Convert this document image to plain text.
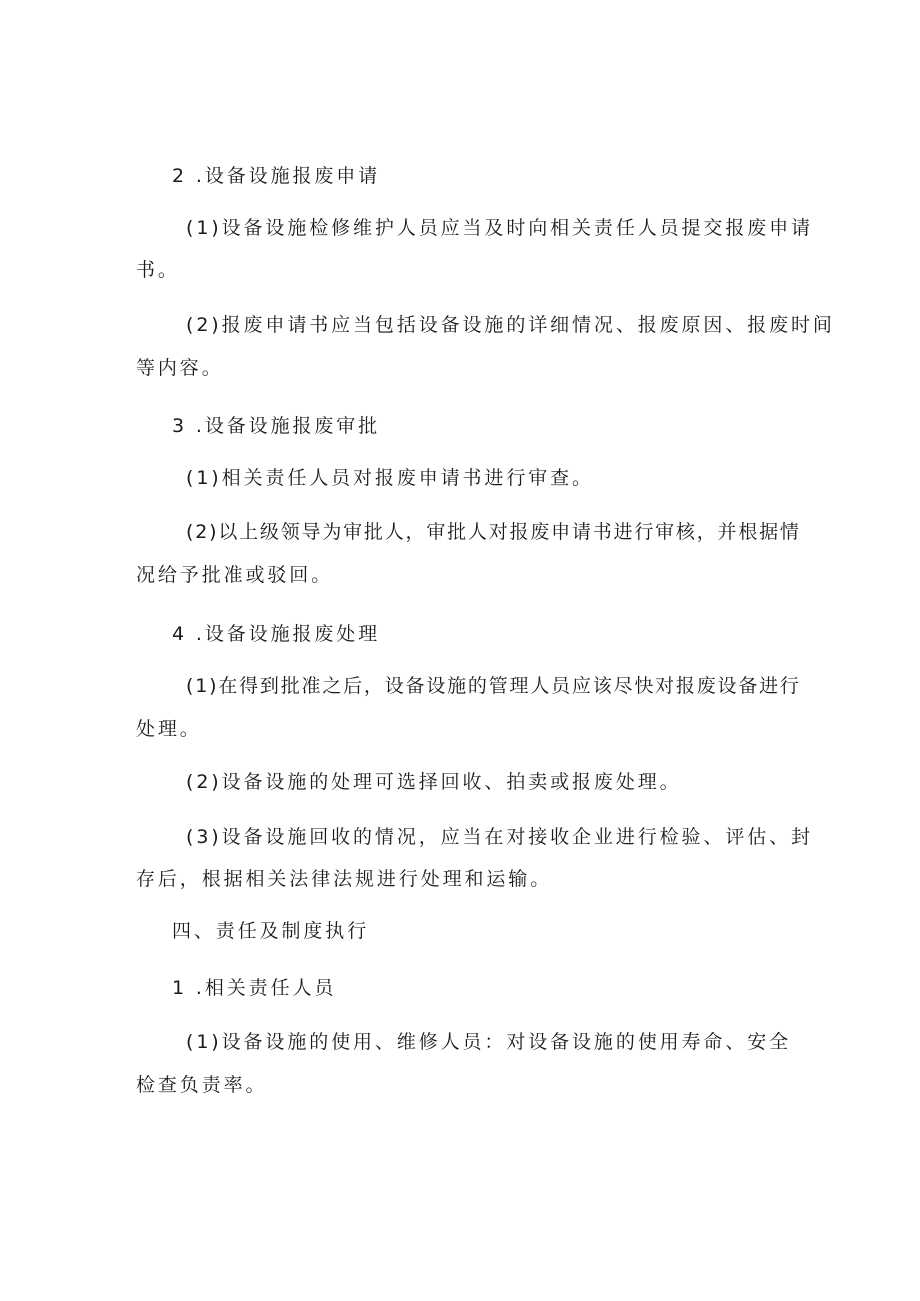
2 .设备设施报废申请
(1)设备设施检修维护人员应当及时向相关责任人员提交报废申请
书。
(2)报废申请书应当包括设备设施的详细情况、报废原因、报废时间
等内容。
3 .设备设施报废审批
(1)相关责任人员对报废申请书进行审查。
(2)以上级领导为审批人，审批人对报废申请书进行审核，并根据情
况给予批准或驳回。
4 .设备设施报废处理
(1)在得到批准之后，设备设施的管理人员应该尽快对报废设备进行
处理。
(2)设备设施的处理可选择回收、拍卖或报废处理。
(3)设备设施回收的情况，应当在对接收企业进行检验、评估、封
存后，根据相关法律法规进行处理和运输。
四、责任及制度执行
1 .相关责任人员
(1)设备设施的使用、维修人员：对设备设施的使用寿命、安全
检查负责率。
